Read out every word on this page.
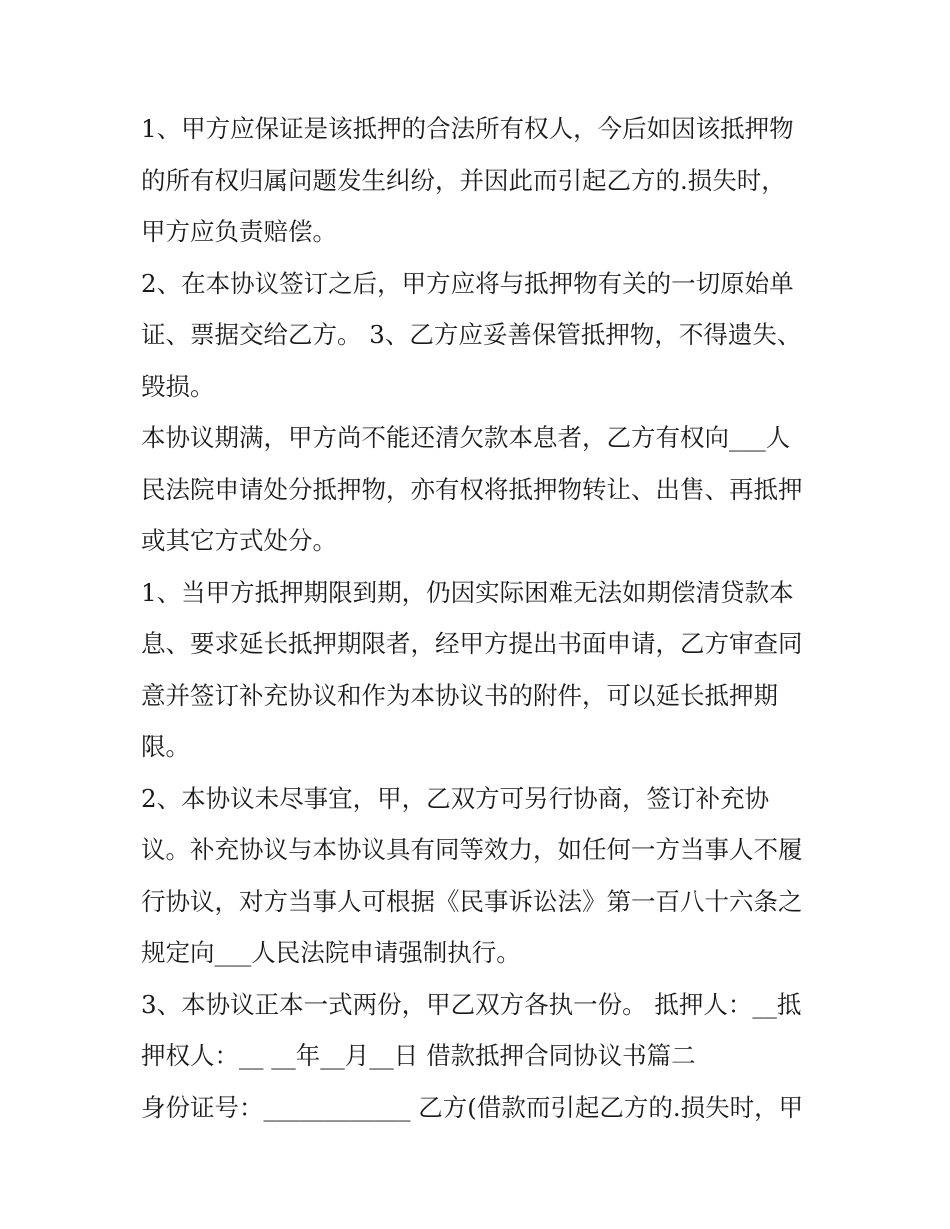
1、甲方应保证是该抵押的合法所有权人，今后如因该抵押物
的所有权归属问题发生纠纷，并因此而引起乙方的.损失时，
甲方应负责赔偿。
2、在本协议签订之后，甲方应将与抵押物有关的一切原始单
证、票据交给乙方。 3、乙方应妥善保管抵押物，不得遗失、
毁损。
本协议期满，甲方尚不能还清欠款本息者，乙方有权向___人
民法院申请处分抵押物，亦有权将抵押物转让、出售、再抵押
或其它方式处分。
1、当甲方抵押期限到期，仍因实际困难无法如期偿清贷款本
息、要求延长抵押期限者，经甲方提出书面申请，乙方审查同
意并签订补充协议和作为本协议书的附件，可以延长抵押期
限。
2、本协议未尽事宜，甲，乙双方可另行协商，签订补充协
议。补充协议与本协议具有同等效力，如任何一方当事人不履
行协议，对方当事人可根据《民事诉讼法》第一百八十六条之
规定向___人民法院申请强制执行。
3、本协议正本一式两份，甲乙双方各执一份。 抵押人：__抵
押权人：__ __年__月__日 借款抵押合同协议书篇二
身份证号：____________ 乙方(借款而引起乙方的.损失时，甲
